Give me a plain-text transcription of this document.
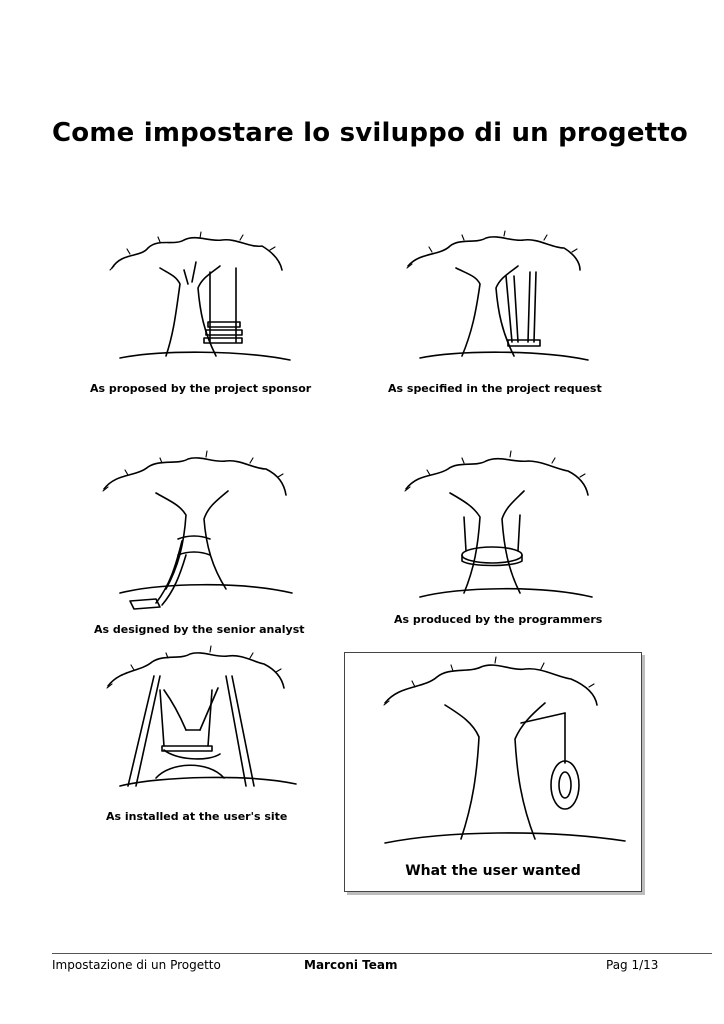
Come impostare lo sviluppo di un progetto
As proposed by the project sponsor	As specified in the project request
As designed by the senior analyst
As produced by the programmers
As installed at the user's site
What the user wanted
Impostazione di un Progetto	Marconi Team	Pag 1/13
